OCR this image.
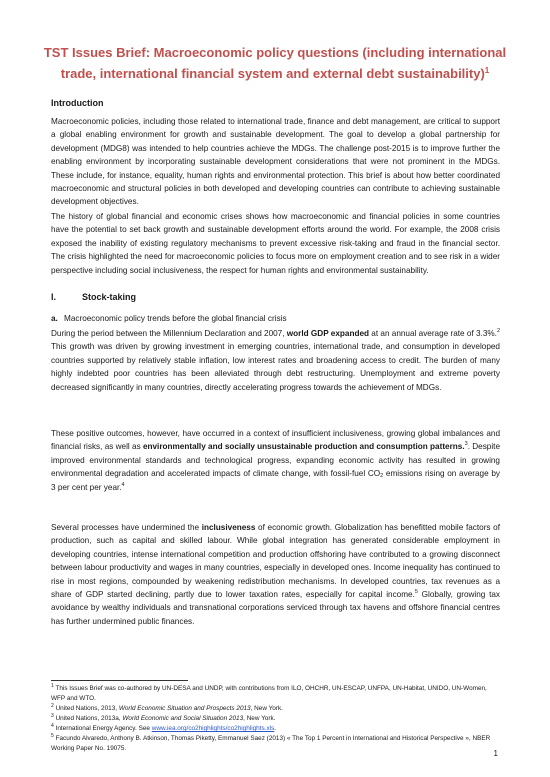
TST Issues Brief: Macroeconomic policy questions (including international trade, international financial system and external debt sustainability)$^1$
Introduction

Macroeconomic policies, including those related to international trade, finance and debt management, are critical to support a global enabling environment for growth and sustainable development. The goal to develop a global partnership for development (MDG8) was intended to help countries achieve the MDGs. The challenge post-2015 is to improve further the enabling environment by incorporating sustainable development considerations that were not prominent in the MDGs. These include, for instance, equality, human rights and environmental protection. This brief is about how better coordinated macroeconomic and structural policies in both developed and developing countries can contribute to achieving sustainable development objectives.

The history of global financial and economic crises shows how macroeconomic and financial policies in some countries have the potential to set back growth and sustainable development efforts around the world. For example, the 2008 crisis exposed the inability of existing regulatory mechanisms to prevent excessive risk-taking and fraud in the financial sector. The crisis highlighted the need for macroeconomic policies to focus more on employment creation and to see risk in a wider perspective including social inclusiveness, the respect for human rights and environmental sustainability.

I.	Stock-taking
a. Macroeconomic policy trends before the global financial crisis

During the period between the Millennium Declaration and 2007, world GDP expanded at an annual average rate of 3.3%.$^2$ This growth was driven by growing investment in emerging countries, international trade, and consumption in developed countries supported by relatively stable inflation, low interest rates and broadening access to credit. The burden of many highly indebted poor countries has been alleviated through debt restructuring. Unemployment and extreme poverty decreased significantly in many countries, directly accelerating progress towards the achievement of MDGs.

These positive outcomes, however, have occurred in a context of insufficient inclusiveness, growing global imbalances and financial risks, as well as environmentally and socially unsustainable production and consumption patterns.$^3$. Despite improved environmental standards and technological progress, expanding economic activity has resulted in growing environmental degradation and accelerated impacts of climate change, with fossil-fuel $CO_2$ emissions rising on average by 3 per cent per year.$^4$

Several processes have undermined the inclusiveness of economic growth. Globalization has benefitted mobile factors of production, such as capital and skilled labour. While global integration has generated considerable employment in developing countries, intense international competition and production offshoring have contributed to a growing disconnect between labour productivity and wages in many countries, especially in developed ones. Income inequality has continued to rise in most regions, compounded by weakening redistribution mechanisms. In developed countries, tax revenues as a share of GDP started declining, partly due to lower taxation rates, especially for capital income.$^5$ Globally, growing tax avoidance by wealthy individuals and transnational corporations serviced through tax havens and offshore financial centres has further undermined public finances.

$^1$ This Issues Brief was co-authored by UN-DESA and UNDP, with contributions from ILO, OHCHR, UN-ESCAP, UNFPA, UN-Habitat, UNIDO, UN-Women, WFP and WTO.
$^2$ United Nations, 2013, World Economic Situation and Prospects 2013, New York.
$^3$ United Nations, 2013a, World Economic and Social Situation 2013, New York.
$^4$ International Energy Agency. See www.iea.org/co2highlights/co2highlights.xls.
$^5$ Facundo Alvaredo, Anthony B. Atkinson, Thomas Piketty, Emmanuel Saez (2013) « The Top 1 Percent in International and Historical Perspective », NBER Working Paper No. 19075.
1
